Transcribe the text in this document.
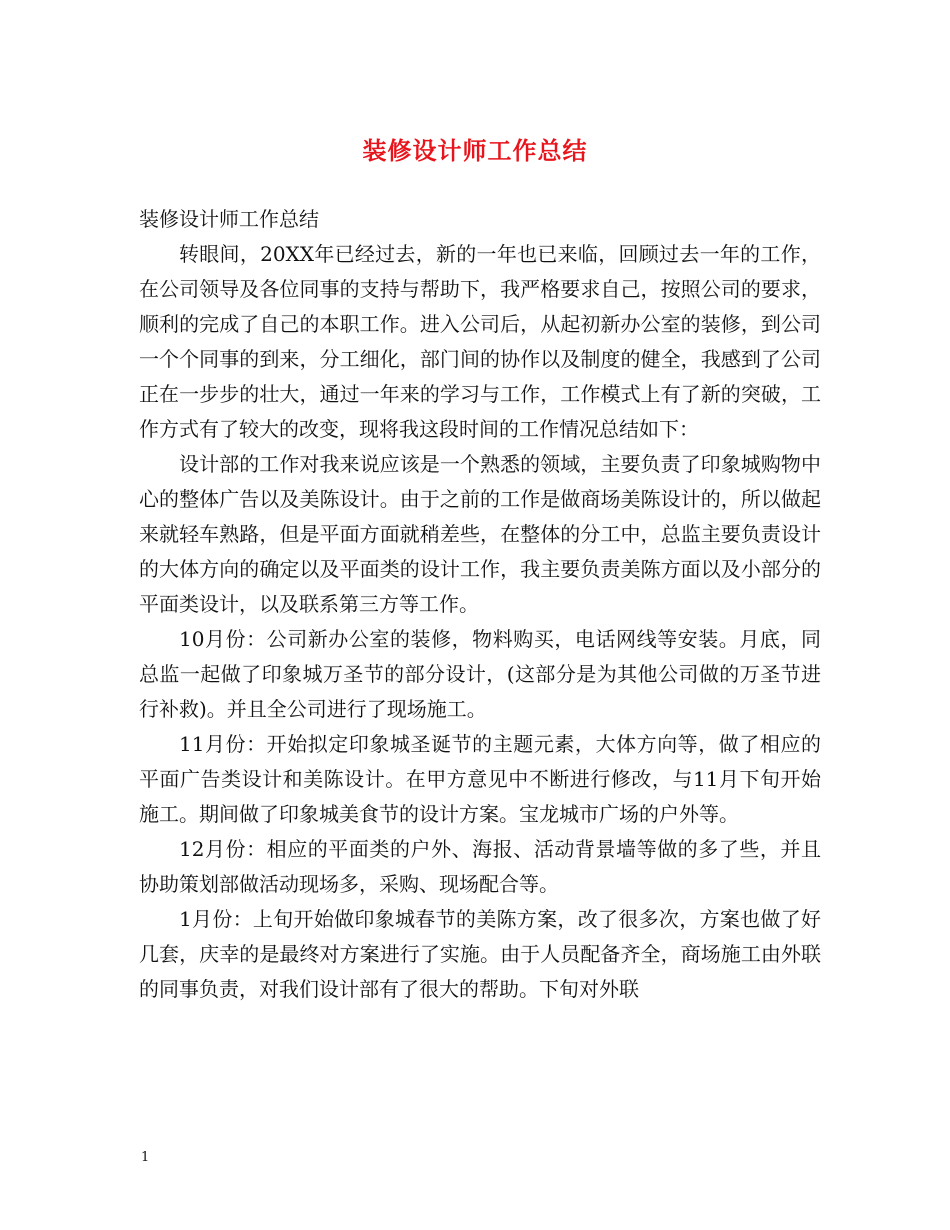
装修设计师工作总结

装修设计师工作总结

转眼间，20XX年已经过去，新的一年也已来临，回顾过去一年的工作，在公司领导及各位同事的支持与帮助下，我严格要求自己，按照公司的要求，顺利的完成了自己的本职工作。进入公司后，从起初新办公室的装修，到公司一个个同事的到来，分工细化，部门间的协作以及制度的健全，我感到了公司正在一步步的壮大，通过一年来的学习与工作，工作模式上有了新的突破，工作方式有了较大的改变，现将我这段时间的工作情况总结如下：

设计部的工作对我来说应该是一个熟悉的领域，主要负责了印象城购物中心的整体广告以及美陈设计。由于之前的工作是做商场美陈设计的，所以做起来就轻车熟路，但是平面方面就稍差些，在整体的分工中，总监主要负责设计的大体方向的确定以及平面类的设计工作，我主要负责美陈方面以及小部分的平面类设计，以及联系第三方等工作。

10月份：公司新办公室的装修，物料购买，电话网线等安装。月底，同总监一起做了印象城万圣节的部分设计，(这部分是为其他公司做的万圣节进行补救)。并且全公司进行了现场施工。

11月份：开始拟定印象城圣诞节的主题元素，大体方向等，做了相应的平面广告类设计和美陈设计。在甲方意见中不断进行修改，与11月下旬开始施工。期间做了印象城美食节的设计方案。宝龙城市广场的户外等。

12月份：相应的平面类的户外、海报、活动背景墙等做的多了些，并且协助策划部做活动现场多，采购、现场配合等。

1月份：上旬开始做印象城春节的美陈方案，改了很多次，方案也做了好几套，庆幸的是最终对方案进行了实施。由于人员配备齐全，商场施工由外联的同事负责，对我们设计部有了很大的帮助。下旬对外联

1
